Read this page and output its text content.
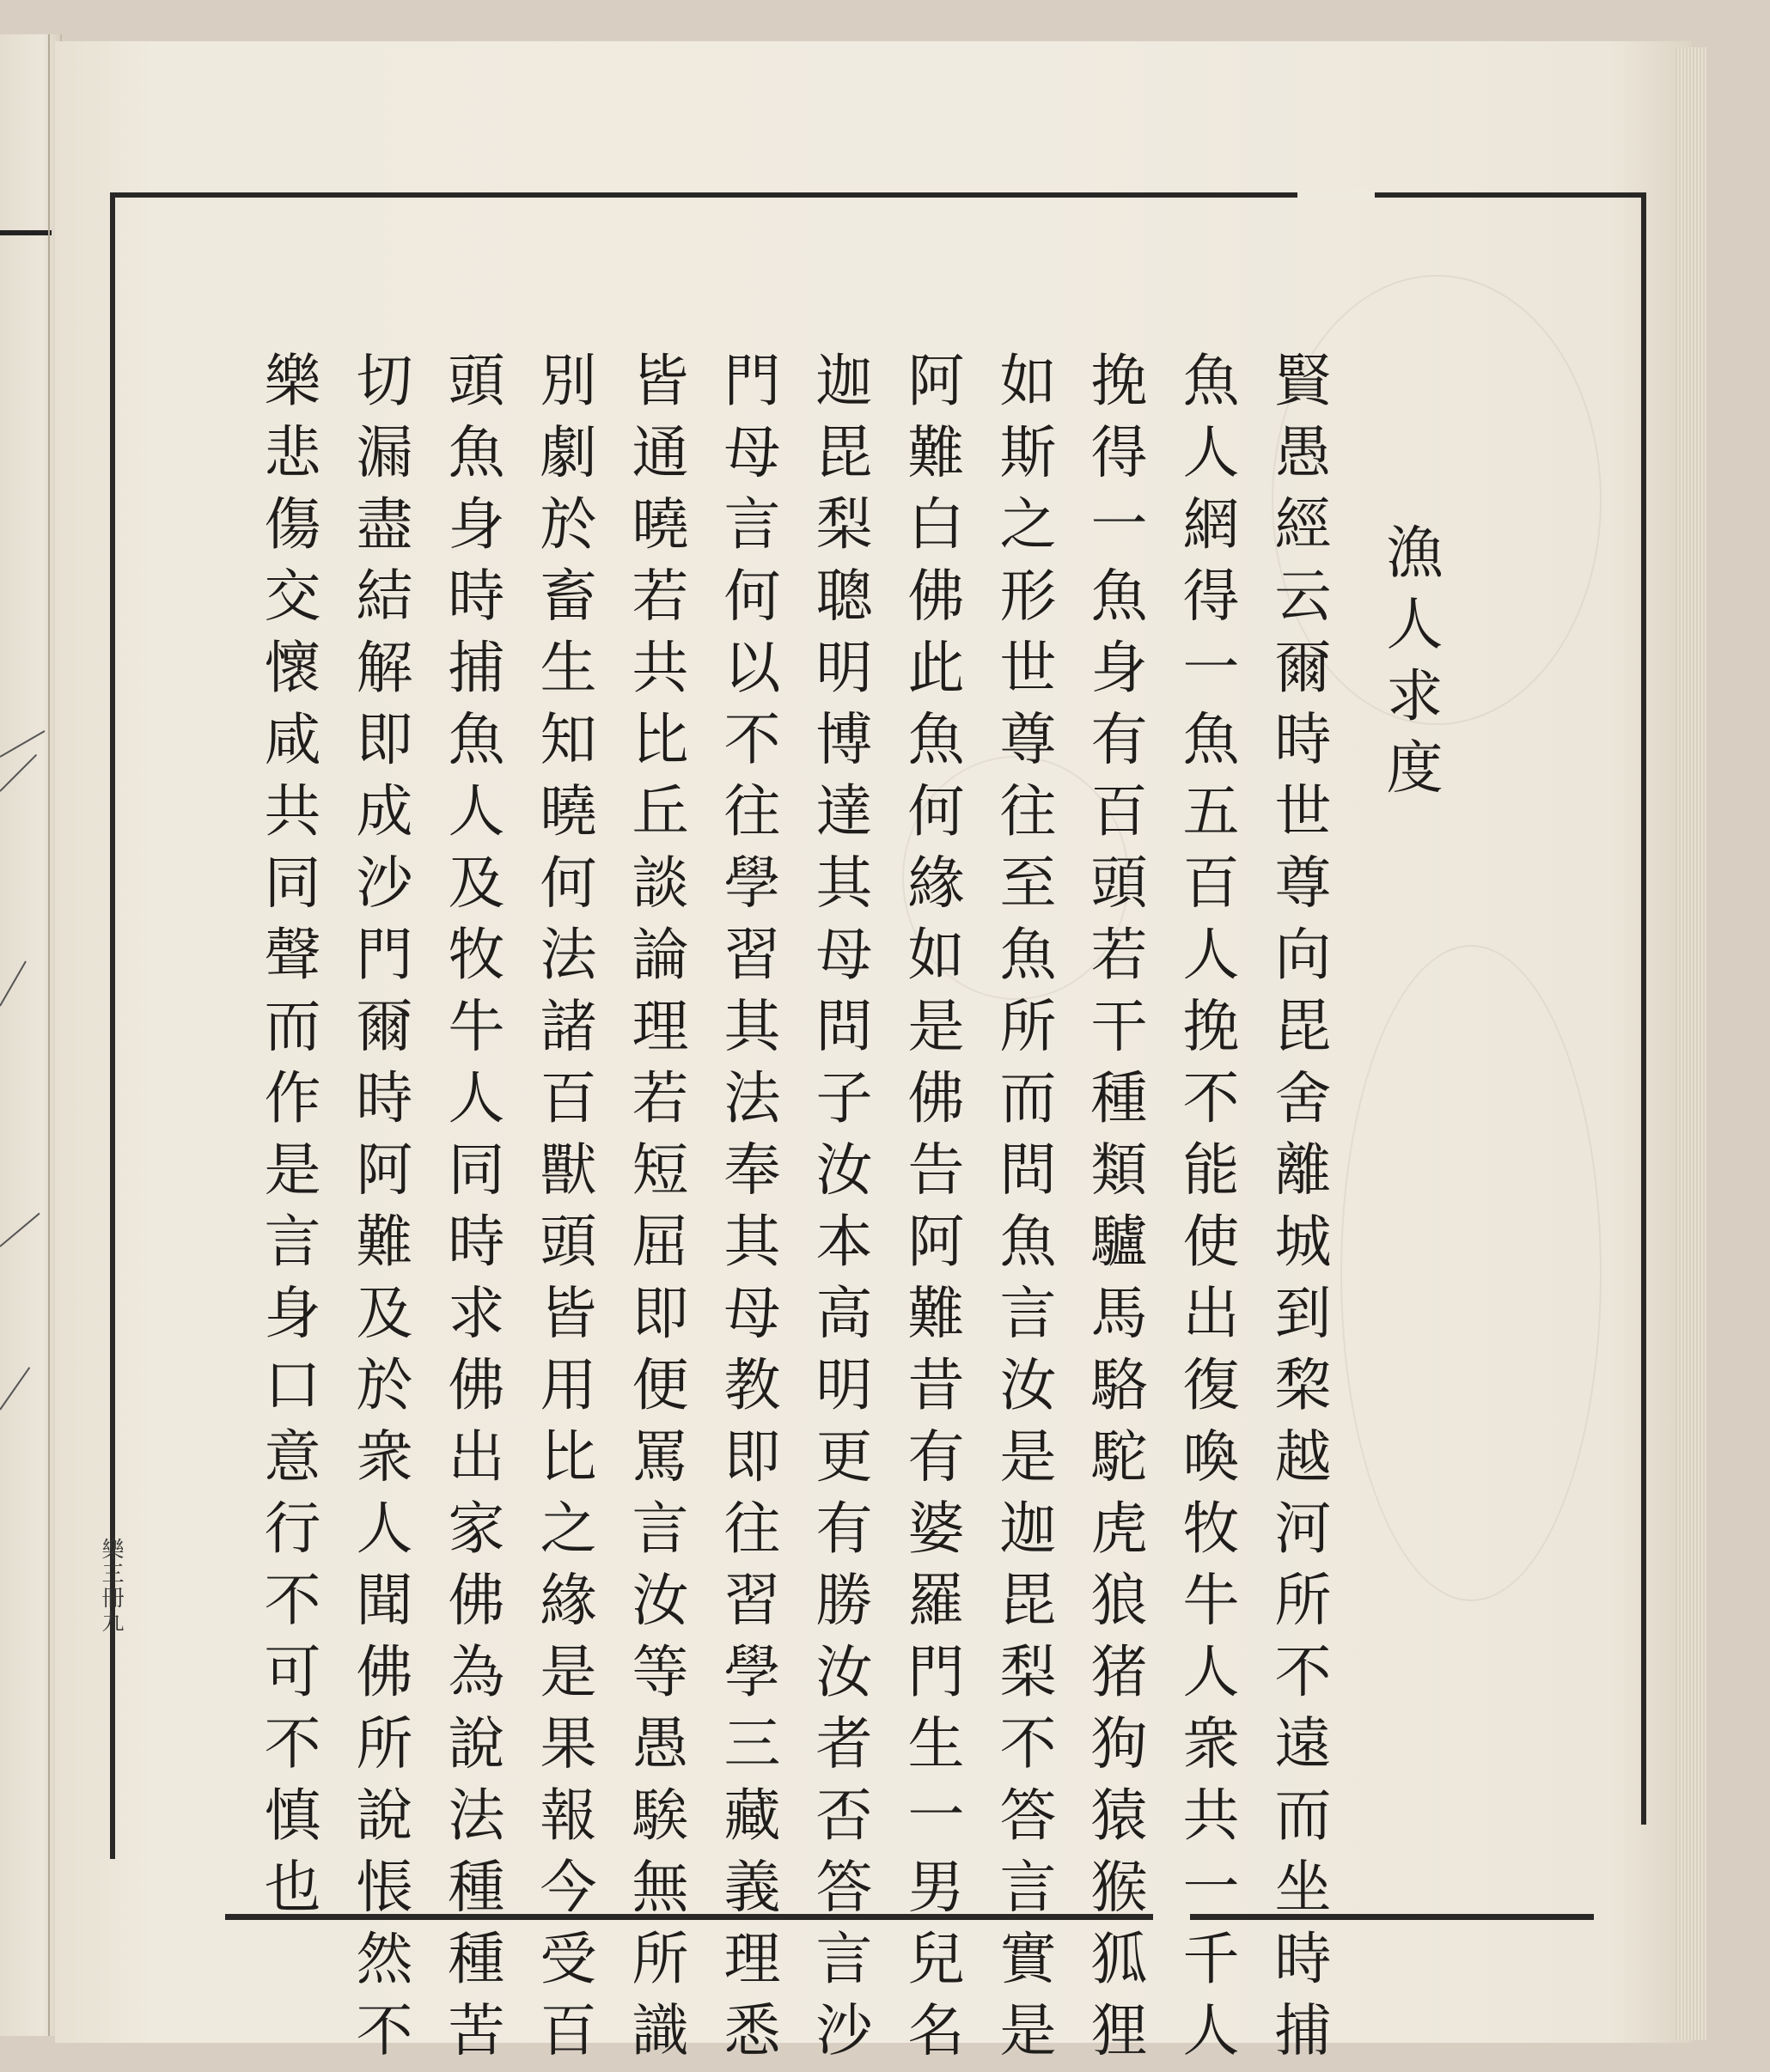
漁人求度
賢愚經云爾時世尊向毘舍離城到棃越河所不遠而坐時捕
魚人網得一魚五百人挽不能使出復喚牧牛人衆共一千人
挽得一魚身有百頭若干種類驢馬駱駝虎狼猪狗猿猴狐狸
如斯之形世尊往至魚所而問魚言汝是迦毘梨不答言實是
阿難白佛此魚何緣如是佛告阿難昔有婆羅門生一男兒名
迦毘梨聰明博達其母問子汝本高明更有勝汝者否答言沙
門母言何以不往學習其法奉其母教即往習學三藏義理悉
皆通曉若共比丘談論理若短屈即便罵言汝等愚騃無所識
別劇於畜生知曉何法諸百獸頭皆用比之緣是果報今受百
頭魚身時捕魚人及牧牛人同時求佛出家佛為說法種種苦
切漏盡結解即成沙門爾時阿難及於衆人聞佛所說悵然不
樂悲傷交懷咸共同聲而作是言身口意行不可不慎也
樂三冊九
